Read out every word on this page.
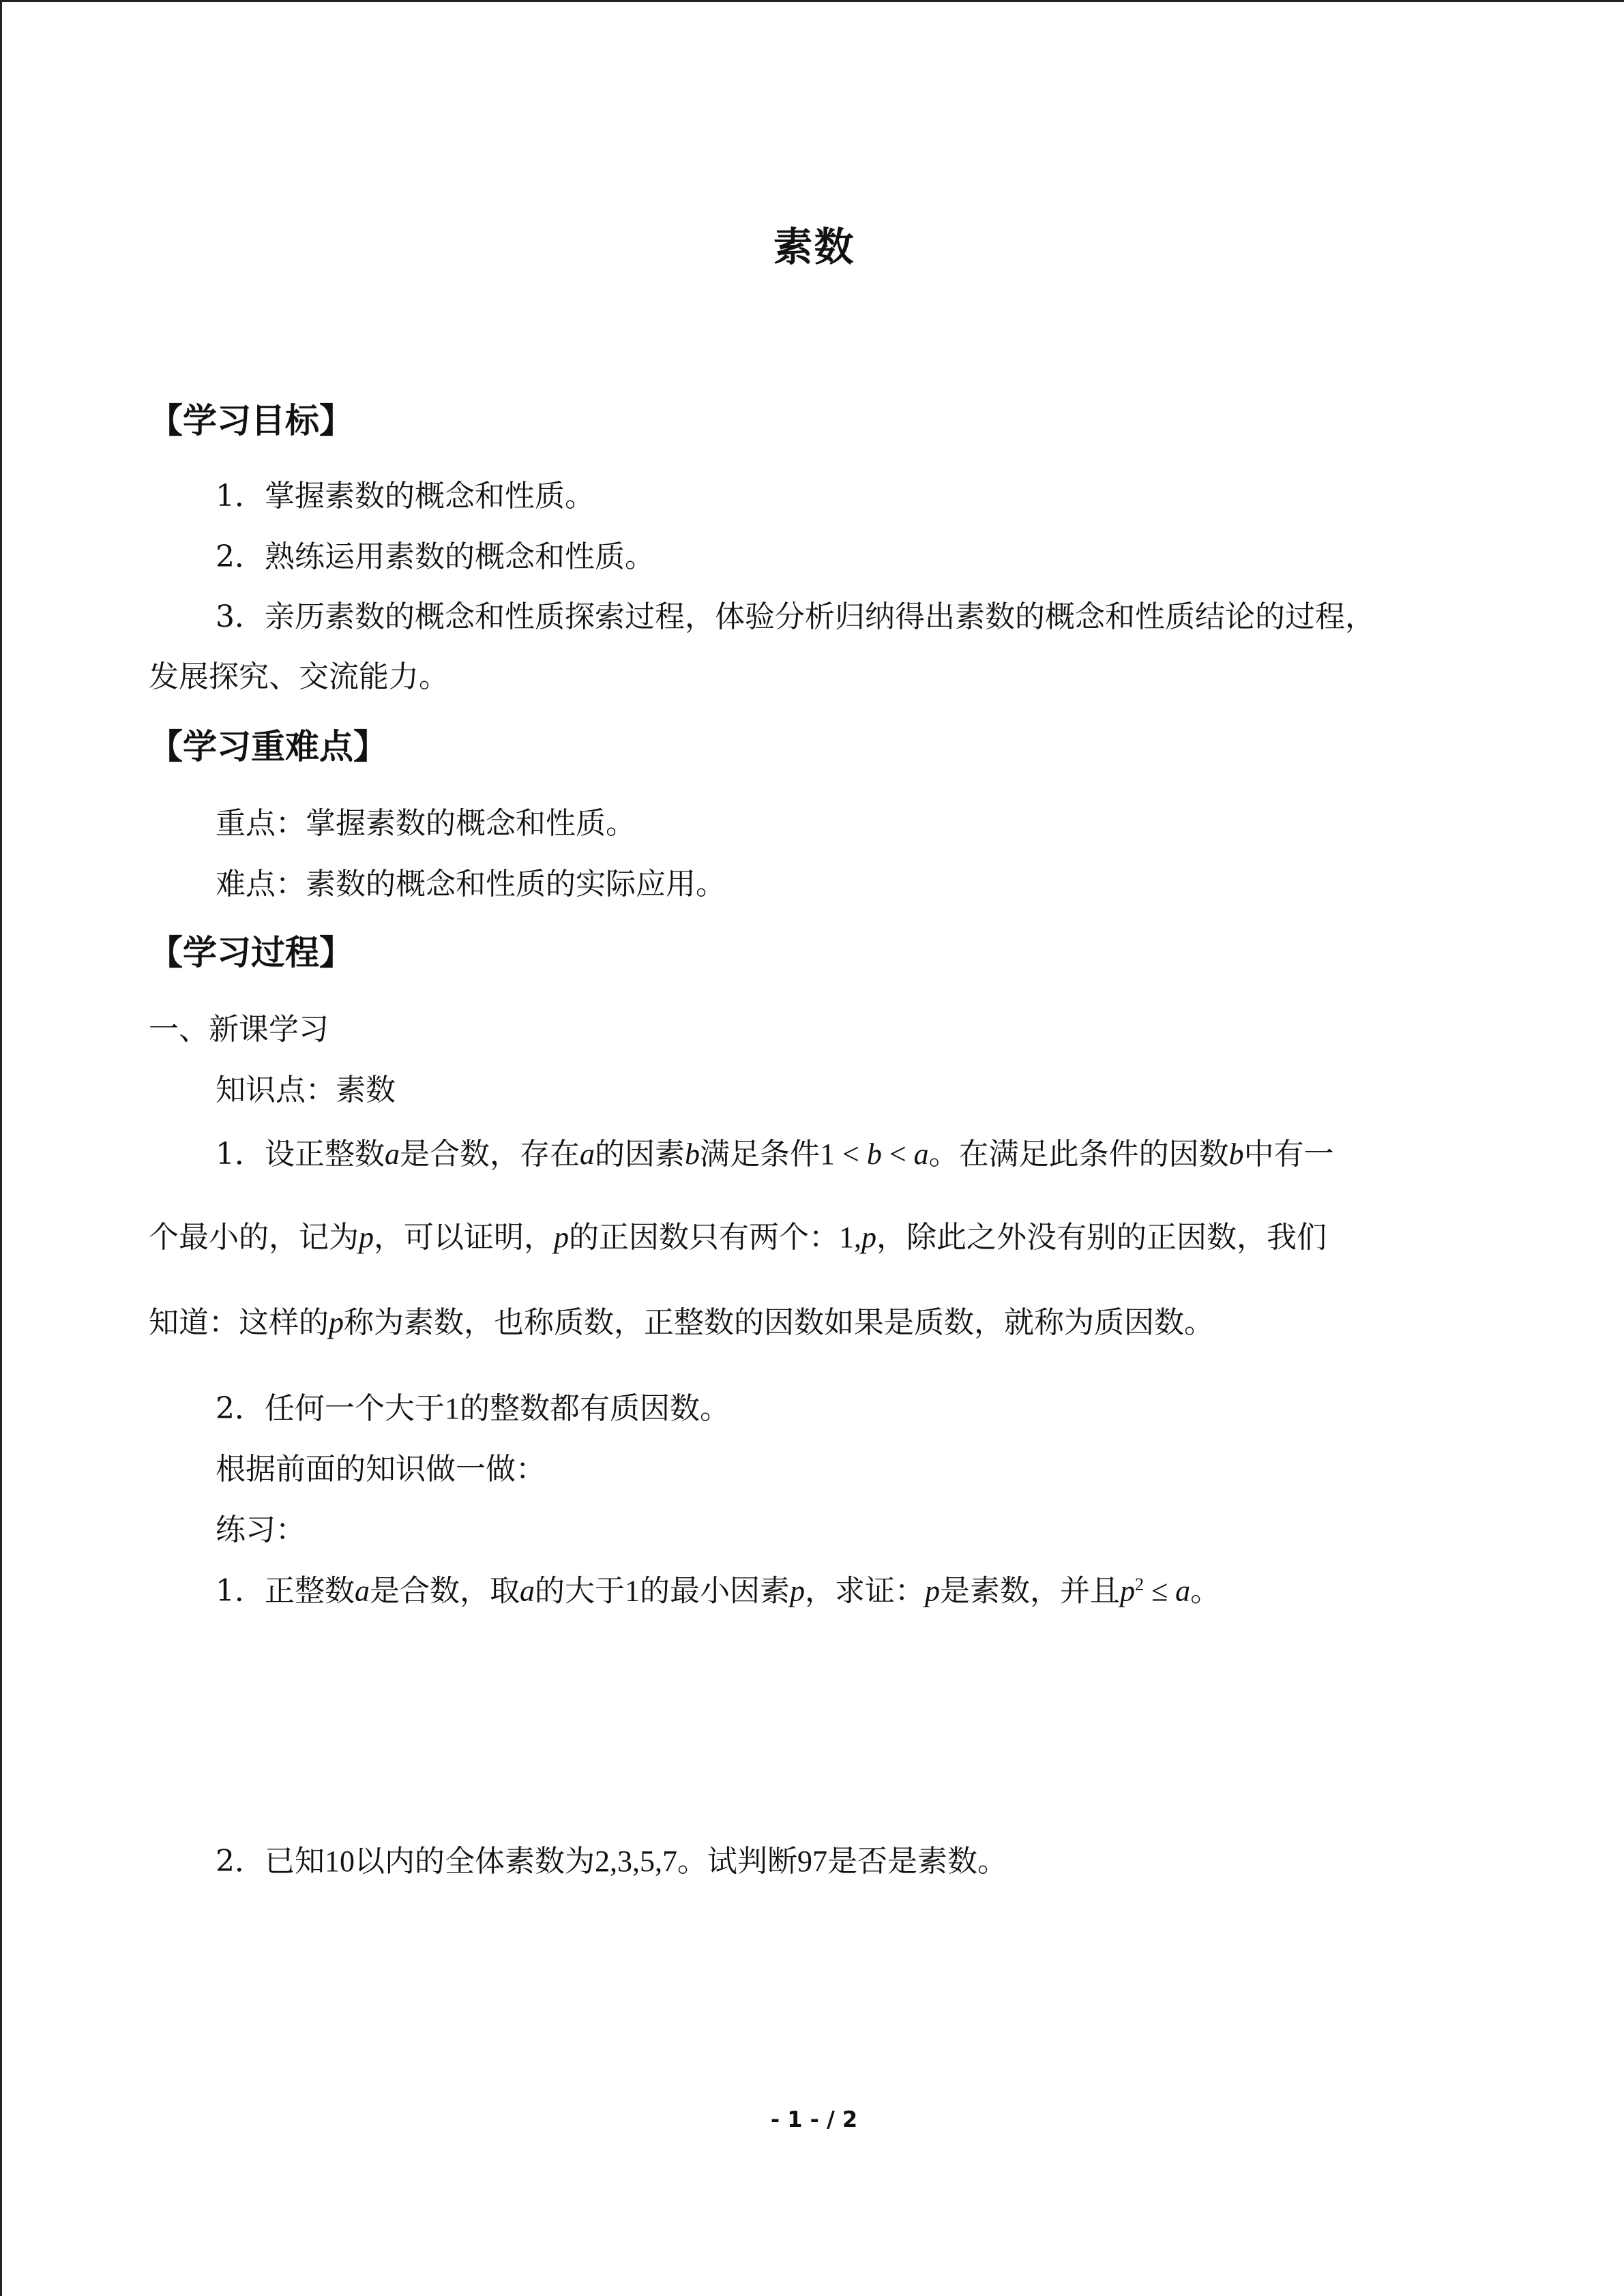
素数
【学习目标】
1．掌握素数的概念和性质。
2．熟练运用素数的概念和性质。
3．亲历素数的概念和性质探索过程，体验分析归纳得出素数的概念和性质结论的过程，
发展探究、交流能力。
【学习重难点】
重点：掌握素数的概念和性质。
难点：素数的概念和性质的实际应用。
【学习过程】
一、新课学习
知识点：素数
1．设正整数a是合数，存在a的因素b满足条件1 < b < a。在满足此条件的因数b中有一
个最小的，记为p，可以证明，p的正因数只有两个：1,p，除此之外没有别的正因数，我们
知道：这样的p称为素数，也称质数，正整数的因数如果是质数，就称为质因数。
2．任何一个大于1的整数都有质因数。
根据前面的知识做一做：
练习：
1．正整数a是合数，取a的大于1的最小因素p，求证：p是素数，并且$p^2 \le a$。
2．已知10以内的全体素数为2,3,5,7。试判断97是否是素数。
- 1 - / 2
